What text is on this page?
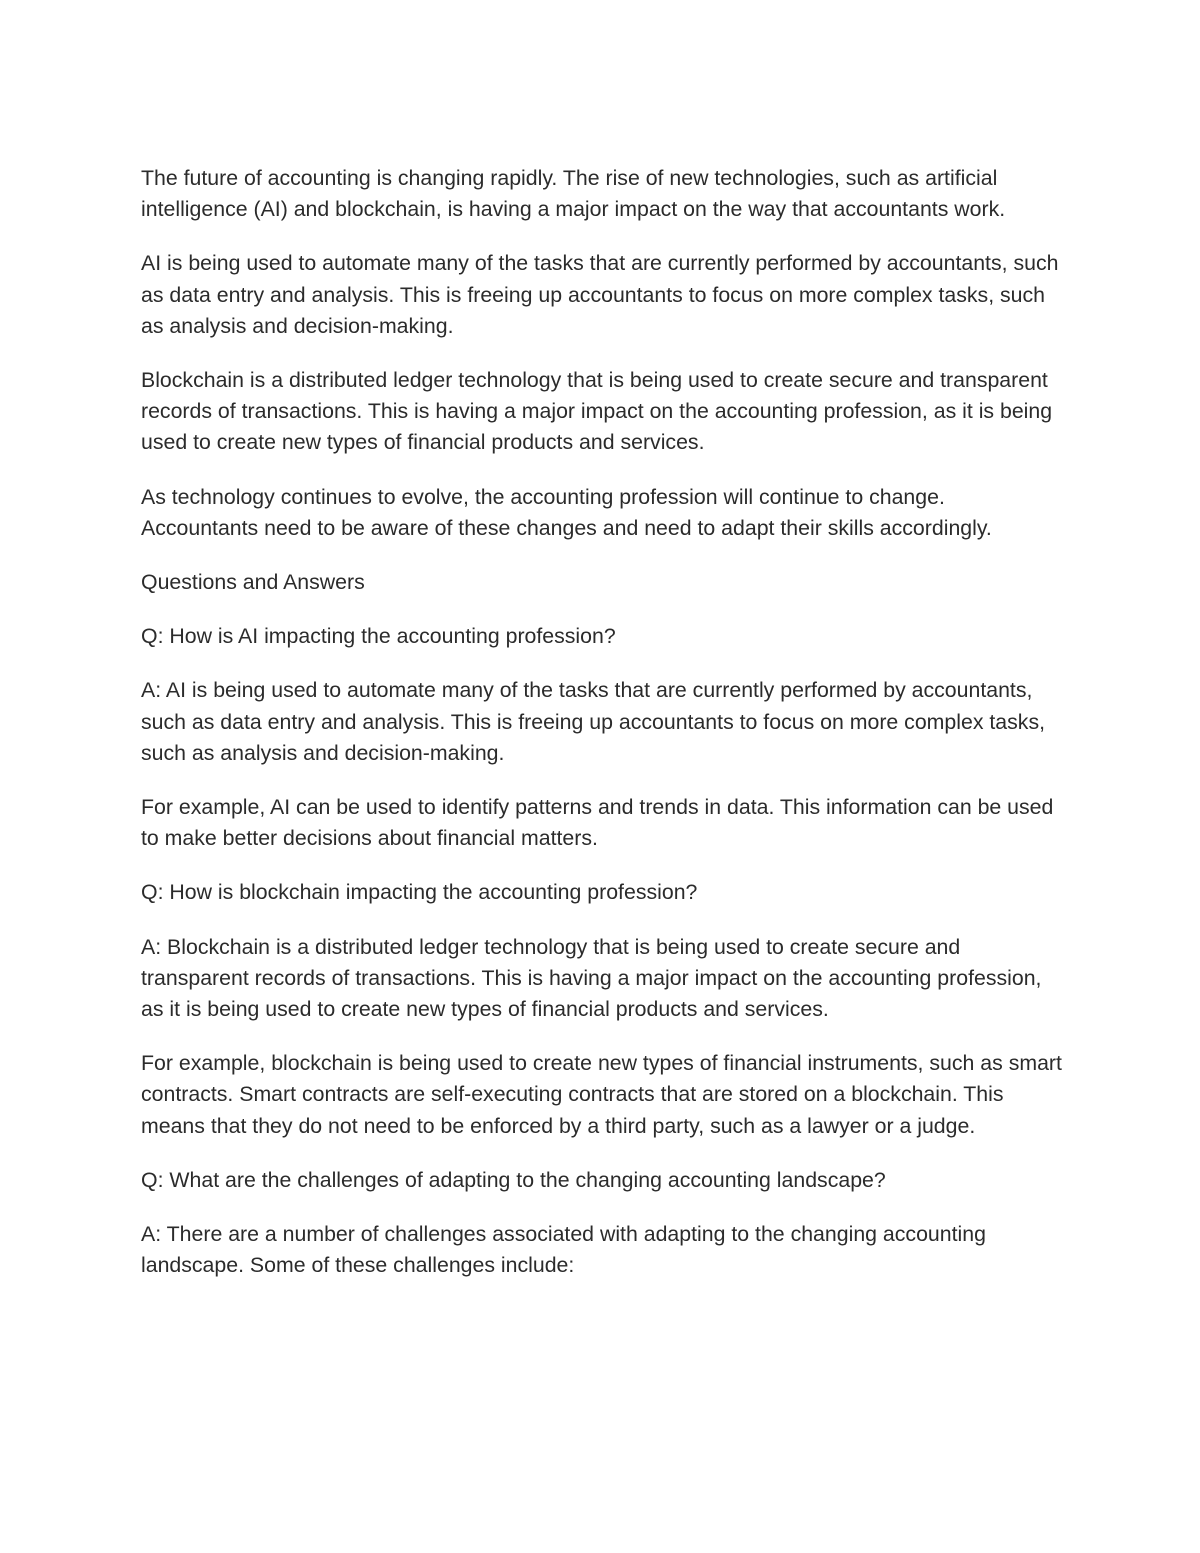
The future of accounting is changing rapidly. The rise of new technologies, such as artificial intelligence (AI) and blockchain, is having a major impact on the way that accountants work.

AI is being used to automate many of the tasks that are currently performed by accountants, such as data entry and analysis. This is freeing up accountants to focus on more complex tasks, such as analysis and decision-making.

Blockchain is a distributed ledger technology that is being used to create secure and transparent records of transactions. This is having a major impact on the accounting profession, as it is being used to create new types of financial products and services.

As technology continues to evolve, the accounting profession will continue to change. Accountants need to be aware of these changes and need to adapt their skills accordingly.

Questions and Answers

Q: How is AI impacting the accounting profession?

A: AI is being used to automate many of the tasks that are currently performed by accountants, such as data entry and analysis. This is freeing up accountants to focus on more complex tasks, such as analysis and decision-making.

For example, AI can be used to identify patterns and trends in data. This information can be used to make better decisions about financial matters.

Q: How is blockchain impacting the accounting profession?

A: Blockchain is a distributed ledger technology that is being used to create secure and transparent records of transactions. This is having a major impact on the accounting profession, as it is being used to create new types of financial products and services.

For example, blockchain is being used to create new types of financial instruments, such as smart contracts. Smart contracts are self-executing contracts that are stored on a blockchain. This means that they do not need to be enforced by a third party, such as a lawyer or a judge.

Q: What are the challenges of adapting to the changing accounting landscape?

A: There are a number of challenges associated with adapting to the changing accounting landscape. Some of these challenges include:
